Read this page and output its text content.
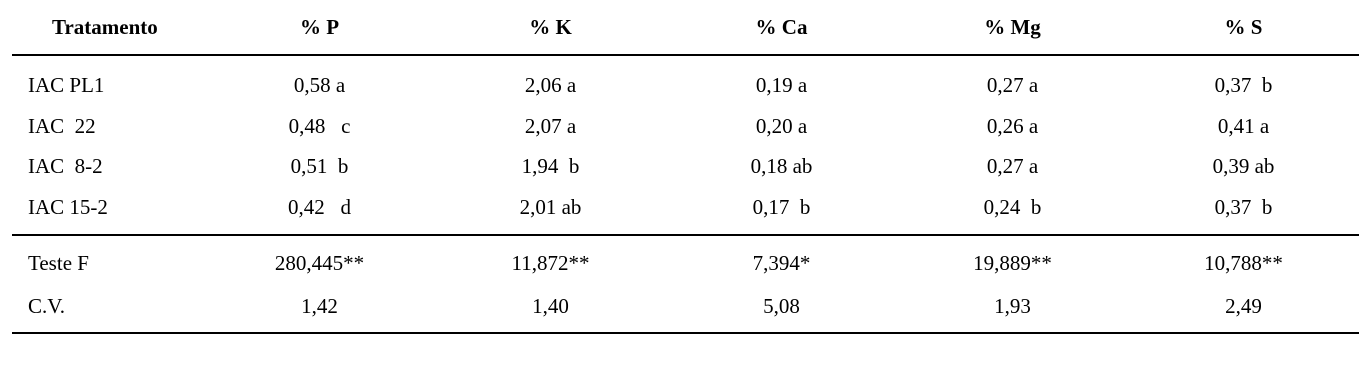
Tratamento	% P	% K	% Ca	% Mg	% S
IAC PL1	0,58 a	2,06 a	0,19 a	0,27 a	0,37  b
IAC  22	0,48   c	2,07 a	0,20 a	0,26 a	0,41 a
IAC  8-2	0,51  b	1,94  b	0,18 ab	0,27 a	0,39 ab
IAC 15-2	0,42   d	2,01 ab	0,17  b	0,24  b	0,37  b
Teste F	280,445**	11,872**	7,394*	19,889**	10,788**
C.V.	1,42	1,40	5,08	1,93	2,49
